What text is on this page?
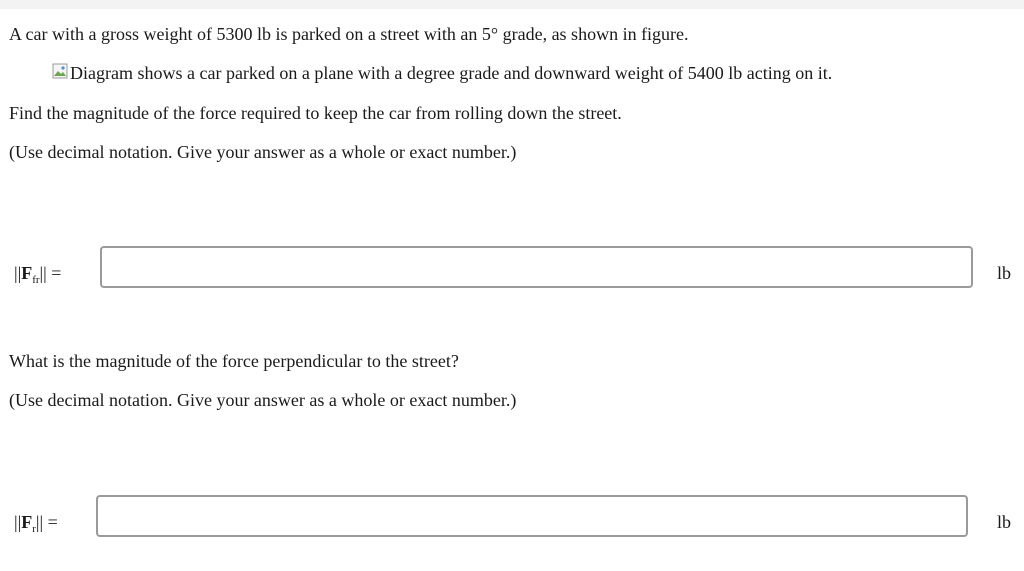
A car with a gross weight of 5300 lb is parked on a street with an 5° grade, as shown in figure.
Diagram shows a car parked on a plane with a degree grade and downward weight of 5400 lb acting on it.
Find the magnitude of the force required to keep the car from rolling down the street.
(Use decimal notation. Give your answer as a whole or exact number.)
$||F_{fr}||$ =	lb
What is the magnitude of the force perpendicular to the street?
(Use decimal notation. Give your answer as a whole or exact number.)
$||F_r||$ =	lb
